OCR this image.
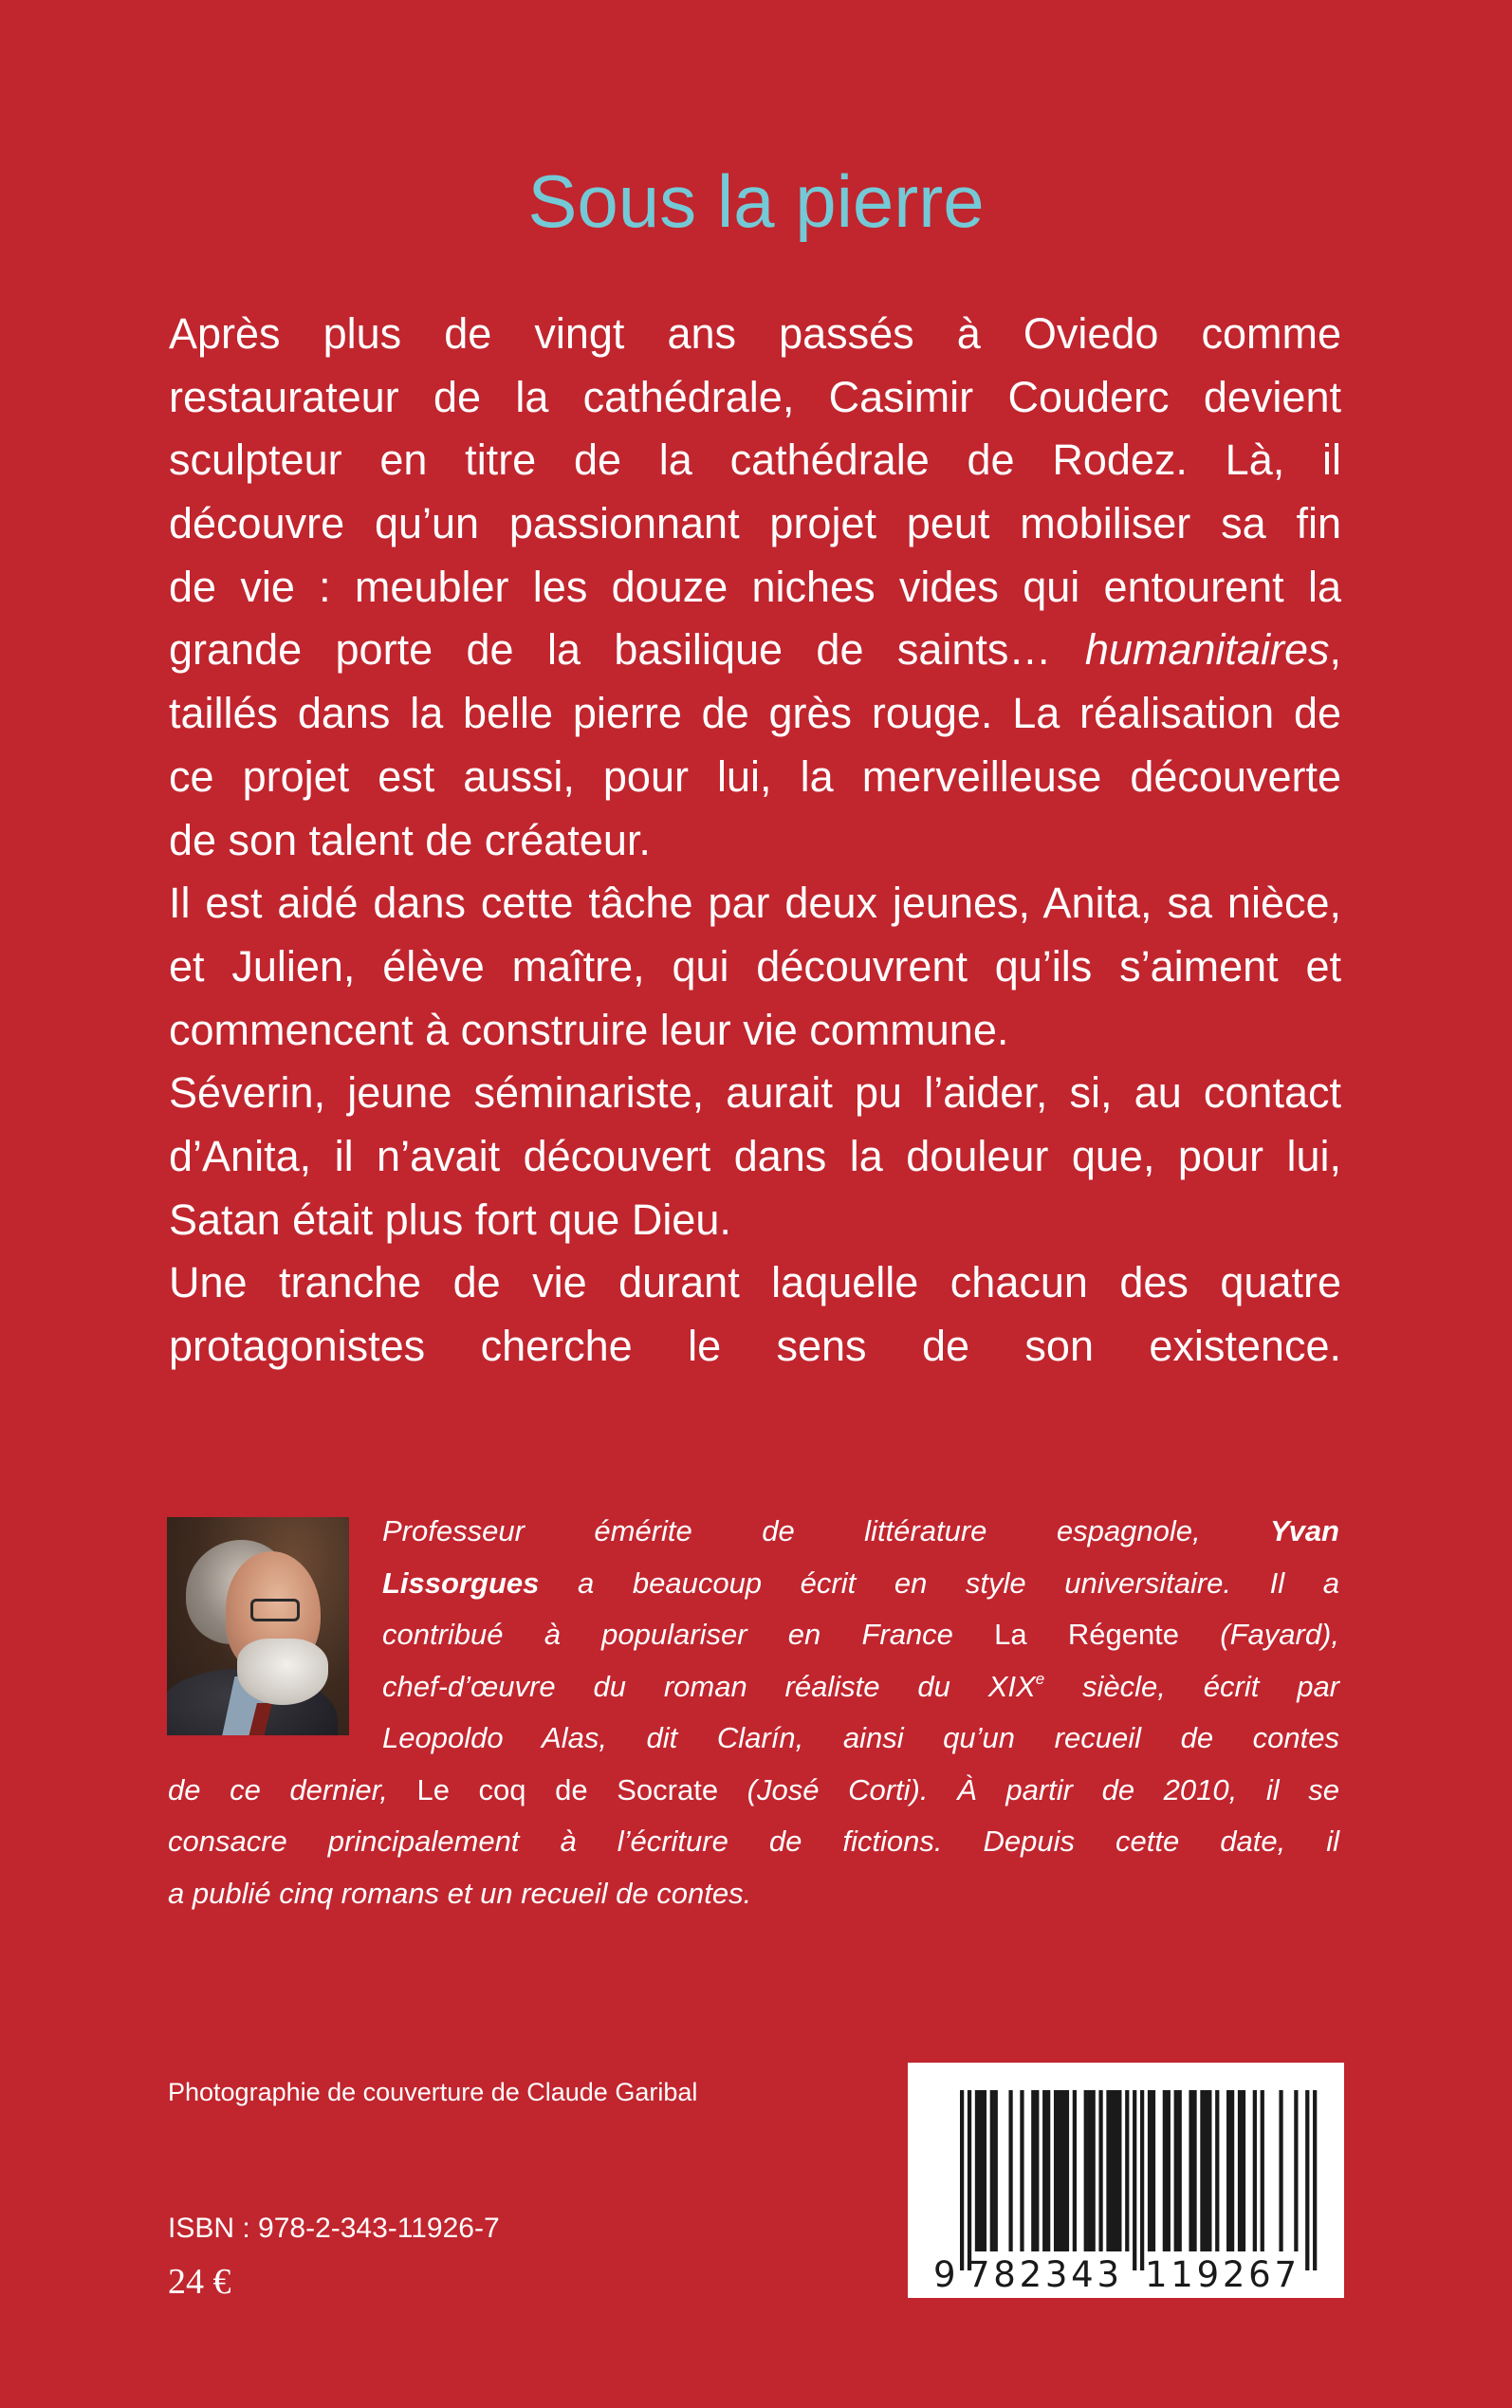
Sous la pierre
Après plus de vingt ans passés à Oviedo comme
restaurateur de la cathédrale, Casimir Couderc devient
sculpteur en titre de la cathédrale de Rodez. Là, il
découvre qu’un passionnant projet peut mobiliser sa fin
de vie : meubler les douze niches vides qui entourent la
grande porte de la basilique de saints… humanitaires,
taillés dans la belle pierre de grès rouge. La réalisation de
ce projet est aussi, pour lui, la merveilleuse découverte
de son talent de créateur.
Il est aidé dans cette tâche par deux jeunes, Anita, sa nièce,
et Julien, élève maître, qui découvrent qu’ils s’aiment et
commencent à construire leur vie commune.
Séverin, jeune séminariste, aurait pu l’aider, si, au contact
d’Anita, il n’avait découvert dans la douleur que, pour lui,
Satan était plus fort que Dieu.
Une tranche de vie durant laquelle chacun des quatre
protagonistes cherche le sens de son existence.
Professeur émérite de littérature espagnole, Yvan
Lissorgues a beaucoup écrit en style universitaire. Il a
contribué à populariser en France La Régente (Fayard),
chef-d’œuvre du roman réaliste du XIXe siècle, écrit par
Leopoldo Alas, dit Clarín, ainsi qu’un recueil de contes
de ce dernier, Le coq de Socrate (José Corti). À partir de 2010, il se
consacre principalement à l’écriture de fictions. Depuis cette date, il
a publié cinq romans et un recueil de contes.
Photographie de couverture de Claude Garibal
ISBN : 978-2-343-11926-7
24 €	9 782343 119267
